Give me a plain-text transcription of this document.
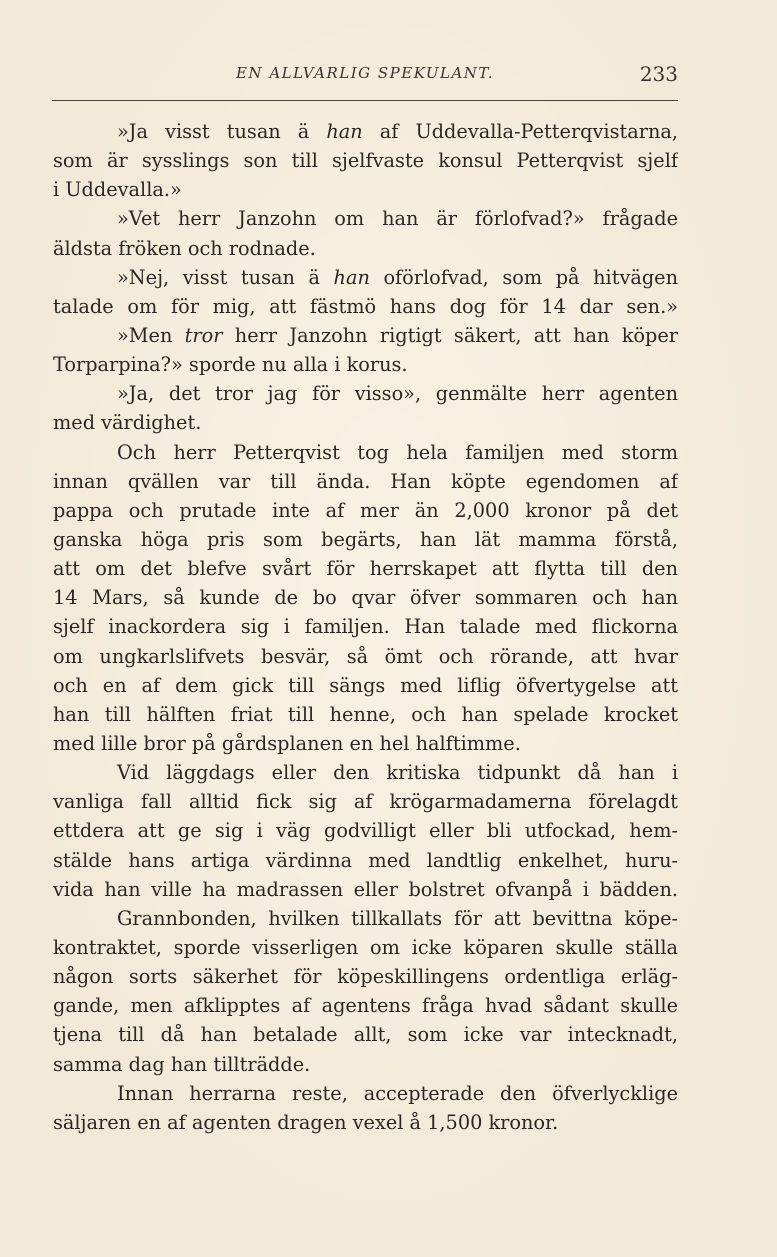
EN ALLVARLIG SPEKULANT.	233
»Ja visst tusan ä han af Uddevalla-Petterqvistarna,
som är sysslings son till sjelfvaste konsul Petterqvist sjelf
i Uddevalla.»
»Vet herr Janzohn om han är förlofvad?» frågade
äldsta fröken och rodnade.
»Nej, visst tusan ä han oförlofvad, som på hitvägen
talade om för mig, att fästmö hans dog för 14 dar sen.»
»Men tror herr Janzohn rigtigt säkert, att han köper
Torparpina?» sporde nu alla i korus.
»Ja, det tror jag för visso», genmälte herr agenten
med värdighet.
Och herr Petterqvist tog hela familjen med storm
innan qvällen var till ända. Han köpte egendomen af
pappa och prutade inte af mer än 2,000 kronor på det
ganska höga pris som begärts, han lät mamma förstå,
att om det blefve svårt för herrskapet att flytta till den
14 Mars, så kunde de bo qvar öfver sommaren och han
sjelf inackordera sig i familjen. Han talade med flickorna
om ungkarlslifvets besvär, så ömt och rörande, att hvar
och en af dem gick till sängs med liflig öfvertygelse att
han till hälften friat till henne, och han spelade krocket
med lille bror på gårdsplanen en hel halftimme.
Vid läggdags eller den kritiska tidpunkt då han i
vanliga fall alltid fick sig af krögarmadamerna förelagdt
ettdera att ge sig i väg godvilligt eller bli utfockad, hem-
stälde hans artiga värdinna med landtlig enkelhet, huru-
vida han ville ha madrassen eller bolstret ofvanpå i bädden.
Grannbonden, hvilken tillkallats för att bevittna köpe-
kontraktet, sporde visserligen om icke köparen skulle ställa
någon sorts säkerhet för köpeskillingens ordentliga erläg-
gande, men afklipptes af agentens fråga hvad sådant skulle
tjena till då han betalade allt, som icke var intecknadt,
samma dag han tillträdde.
Innan herrarna reste, accepterade den öfverlycklige
säljaren en af agenten dragen vexel å 1,500 kronor.
